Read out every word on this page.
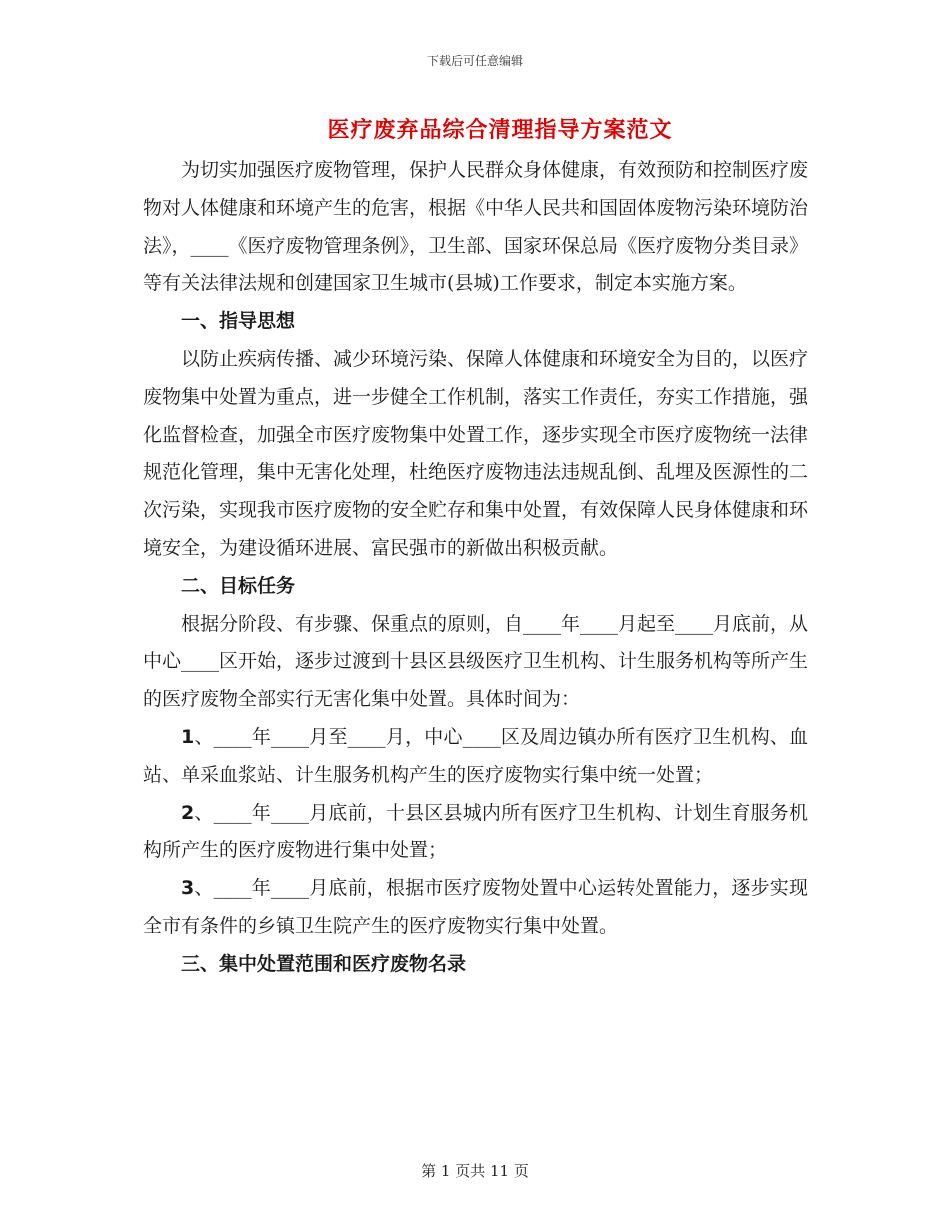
下载后可任意编辑
医疗废弃品综合清理指导方案范文

为切实加强医疗废物管理，保护人民群众身体健康，有效预防和控制医疗废物对人体健康和环境产生的危害，根据《中华人民共和国固体废物污染环境防治法》，____《医疗废物管理条例》，卫生部、国家环保总局《医疗废物分类目录》等有关法律法规和创建国家卫生城市(县城)工作要求，制定本实施方案。

一、指导思想

以防止疾病传播、减少环境污染、保障人体健康和环境安全为目的，以医疗废物集中处置为重点，进一步健全工作机制，落实工作责任，夯实工作措施，强化监督检查，加强全市医疗废物集中处置工作，逐步实现全市医疗废物统一法律规范化管理，集中无害化处理，杜绝医疗废物违法违规乱倒、乱埋及医源性的二次污染，实现我市医疗废物的安全贮存和集中处置，有效保障人民身体健康和环境安全，为建设循环进展、富民强市的新做出积极贡献。

二、目标任务

根据分阶段、有步骤、保重点的原则，自____年____月起至____月底前，从中心____区开始，逐步过渡到十县区县级医疗卫生机构、计生服务机构等所产生的医疗废物全部实行无害化集中处置。具体时间为：

1、____年____月至____月，中心____区及周边镇办所有医疗卫生机构、血站、单采血浆站、计生服务机构产生的医疗废物实行集中统一处置；

2、____年____月底前，十县区县城内所有医疗卫生机构、计划生育服务机构所产生的医疗废物进行集中处置；

3、____年____月底前，根据市医疗废物处置中心运转处置能力，逐步实现全市有条件的乡镇卫生院产生的医疗废物实行集中处置。

三、集中处置范围和医疗废物名录

第 1 页共 11 页
